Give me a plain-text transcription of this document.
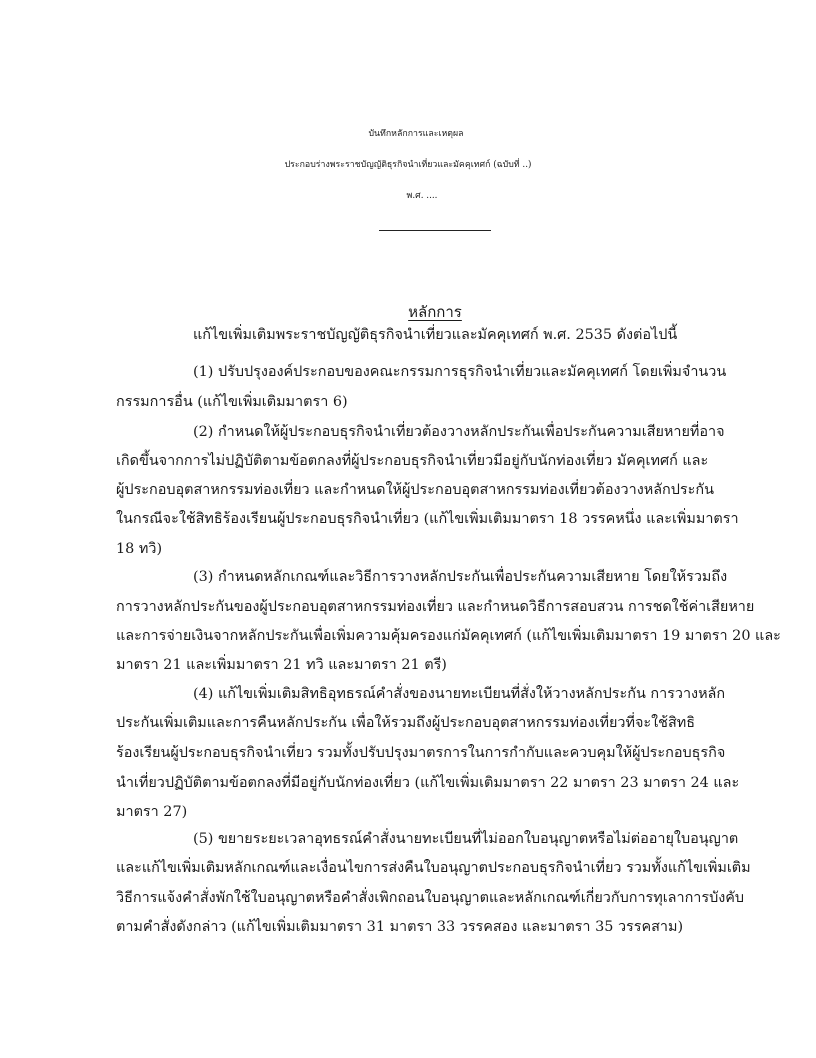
บันทึกหลักการและเหตุผล
ประกอบร่างพระราชบัญญัติธุรกิจนำเที่ยวและมัคคุเทศก์ (ฉบับที่ ..)
พ.ศ. ....
หลักการ
แก้ไขเพิ่มเติมพระราชบัญญัติธุรกิจนำเที่ยวและมัคคุเทศก์ พ.ศ. 2535 ดังต่อไปนี้
(1) ปรับปรุงองค์ประกอบของคณะกรรมการธุรกิจนำเที่ยวและมัคคุเทศก์ โดยเพิ่มจำนวน
กรรมการอื่น (แก้ไขเพิ่มเติมมาตรา 6)
(2) กำหนดให้ผู้ประกอบธุรกิจนำเที่ยวต้องวางหลักประกันเพื่อประกันความเสียหายที่อาจ
เกิดขึ้นจากการไม่ปฏิบัติตามข้อตกลงที่ผู้ประกอบธุรกิจนำเที่ยวมีอยู่กับนักท่องเที่ยว มัคคุเทศก์ และ
ผู้ประกอบอุตสาหกรรมท่องเที่ยว และกำหนดให้ผู้ประกอบอุตสาหกรรมท่องเที่ยวต้องวางหลักประกัน
ในกรณีจะใช้สิทธิร้องเรียนผู้ประกอบธุรกิจนำเที่ยว (แก้ไขเพิ่มเติมมาตรา 18 วรรคหนึ่ง และเพิ่มมาตรา
18 ทวิ)
(3) กำหนดหลักเกณฑ์และวิธีการวางหลักประกันเพื่อประกันความเสียหาย โดยให้รวมถึง
การวางหลักประกันของผู้ประกอบอุตสาหกรรมท่องเที่ยว และกำหนดวิธีการสอบสวน การชดใช้ค่าเสียหาย
และการจ่ายเงินจากหลักประกันเพื่อเพิ่มความคุ้มครองแก่มัคคุเทศก์ (แก้ไขเพิ่มเติมมาตรา 19 มาตรา 20 และ
มาตรา 21 และเพิ่มมาตรา 21 ทวิ และมาตรา 21 ตรี)
(4) แก้ไขเพิ่มเติมสิทธิอุทธรณ์คำสั่งของนายทะเบียนที่สั่งให้วางหลักประกัน การวางหลัก
ประกันเพิ่มเติมและการคืนหลักประกัน เพื่อให้รวมถึงผู้ประกอบอุตสาหกรรมท่องเที่ยวที่จะใช้สิทธิ
ร้องเรียนผู้ประกอบธุรกิจนำเที่ยว รวมทั้งปรับปรุงมาตรการในการกำกับและควบคุมให้ผู้ประกอบธุรกิจ
นำเที่ยวปฏิบัติตามข้อตกลงที่มีอยู่กับนักท่องเที่ยว (แก้ไขเพิ่มเติมมาตรา 22 มาตรา 23 มาตรา 24 และ
มาตรา 27)
(5) ขยายระยะเวลาอุทธรณ์คำสั่งนายทะเบียนที่ไม่ออกใบอนุญาตหรือไม่ต่ออายุใบอนุญาต
และแก้ไขเพิ่มเติมหลักเกณฑ์และเงื่อนไขการส่งคืนใบอนุญาตประกอบธุรกิจนำเที่ยว รวมทั้งแก้ไขเพิ่มเติม
วิธีการแจ้งคำสั่งพักใช้ใบอนุญาตหรือคำสั่งเพิกถอนใบอนุญาตและหลักเกณฑ์เกี่ยวกับการทุเลาการบังคับ
ตามคำสั่งดังกล่าว (แก้ไขเพิ่มเติมมาตรา 31 มาตรา 33 วรรคสอง และมาตรา 35 วรรคสาม)
